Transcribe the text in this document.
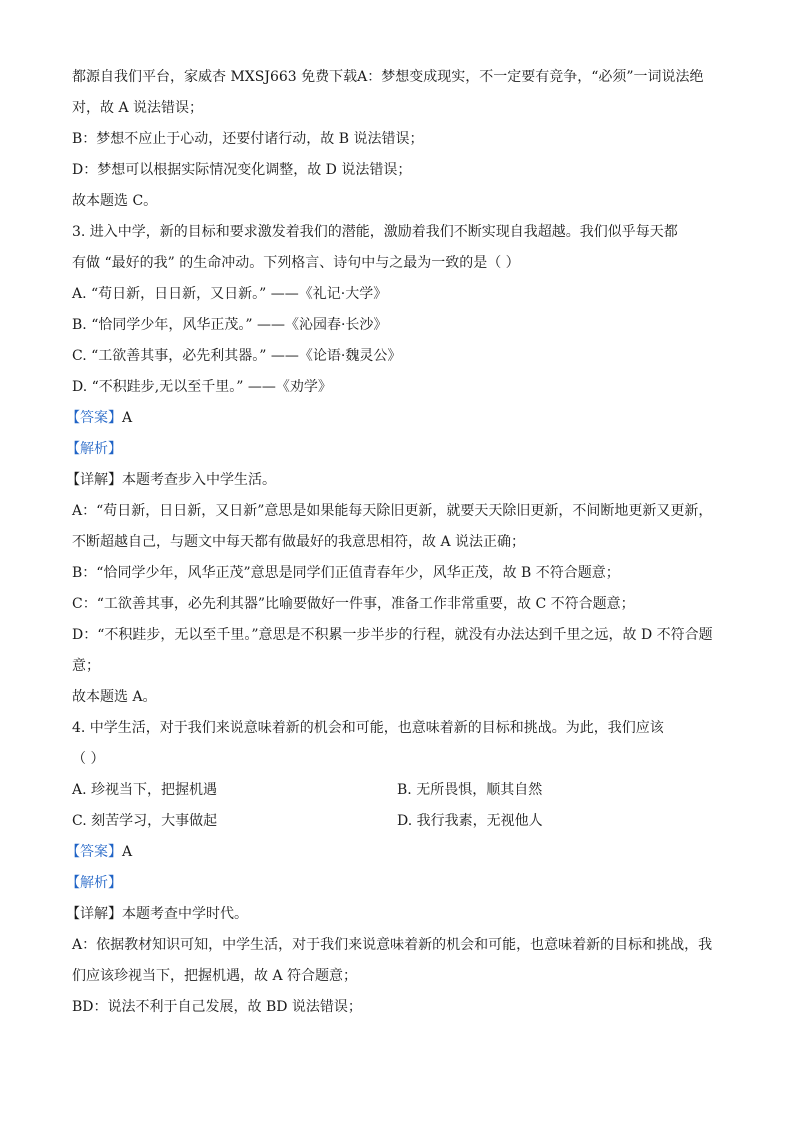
都源自我们平台，家威杏 MXSJ663 免费下载A：梦想变成现实，不一定要有竞争，“必须”一词说法绝
对，故 A 说法错误；
B：梦想不应止于心动，还要付诸行动，故 B 说法错误；
D：梦想可以根据实际情况变化调整，故 D 说法错误；
故本题选 C。
3. 进入中学，新的目标和要求激发着我们的潜能，激励着我们不断实现自我超越。我们似乎每天都
有做 “最好的我” 的生命冲动。下列格言、诗句中与之最为一致的是（ ）
A. “苟日新，日日新，又日新。” ——《礼记·大学》
B. “恰同学少年，风华正茂。” ——《沁园春·长沙》
C. “工欲善其事，必先利其器。” ——《论语·魏灵公》
D. “不积跬步,无以至千里。” ——《劝学》
【答案】A
【解析】
【详解】本题考查步入中学生活。
A：“苟日新，日日新，又日新”意思是如果能每天除旧更新，就要天天除旧更新，不间断地更新又更新，
不断超越自己，与题文中每天都有做最好的我意思相符，故 A 说法正确；
B：“恰同学少年，风华正茂”意思是同学们正值青春年少，风华正茂，故 B 不符合题意；
C：“工欲善其事，必先利其器”比喻要做好一件事，准备工作非常重要，故 C 不符合题意；
D：“不积跬步，无以至千里。”意思是不积累一步半步的行程，就没有办法达到千里之远，故 D 不符合题
意；
故本题选 A。
4. 中学生活，对于我们来说意味着新的机会和可能，也意味着新的目标和挑战。为此，我们应该
（ ）
A. 珍视当下，把握机遇	B. 无所畏惧，顺其自然
C. 刻苦学习，大事做起	D. 我行我素，无视他人
【答案】A
【解析】
【详解】本题考查中学时代。
A：依据教材知识可知，中学生活，对于我们来说意味着新的机会和可能，也意味着新的目标和挑战，我
们应该珍视当下，把握机遇，故 A 符合题意；
BD：说法不利于自己发展，故 BD 说法错误；
